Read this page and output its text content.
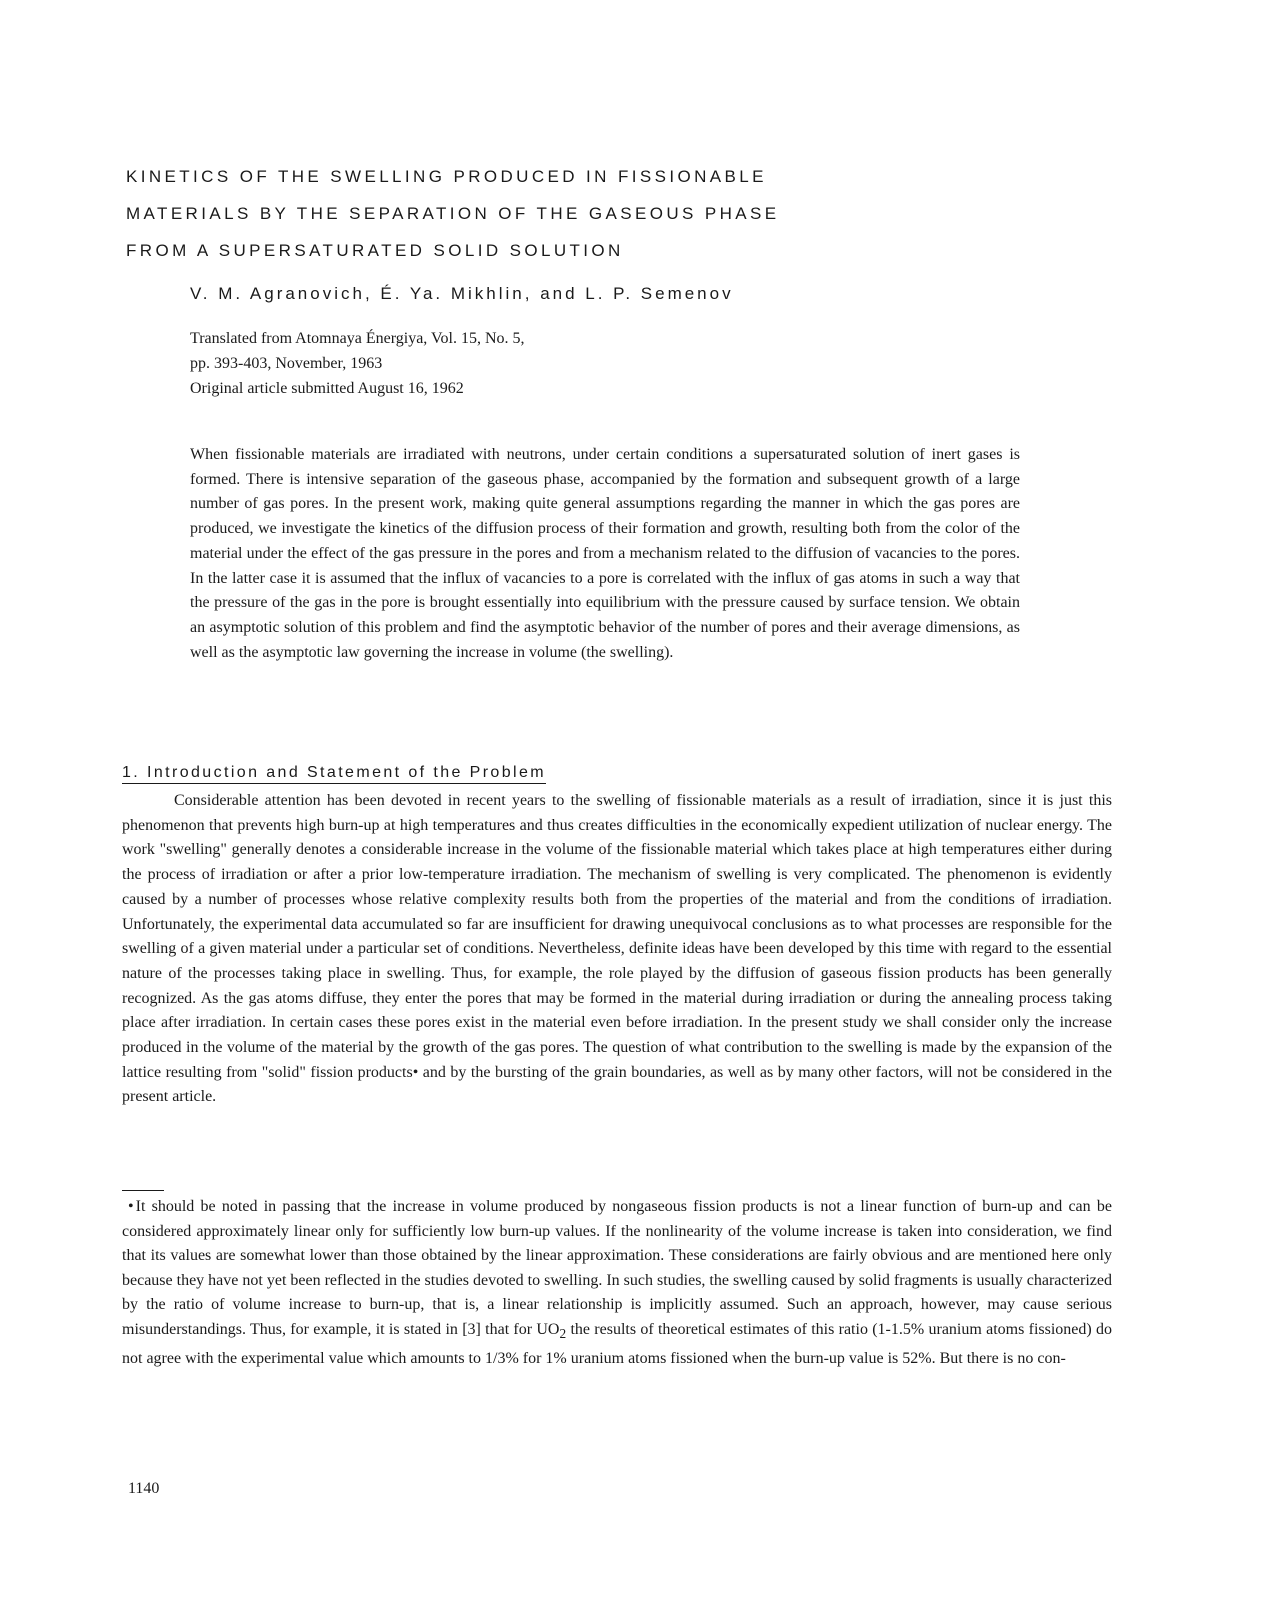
KINETICS OF THE SWELLING PRODUCED IN FISSIONABLE
MATERIALS BY THE SEPARATION OF THE GASEOUS PHASE
FROM A SUPERSATURATED SOLID SOLUTION
V. M. Agranovich, É. Ya. Mikhlin, and L. P. Semenov
Translated from Atomnaya Énergiya, Vol. 15, No. 5,
pp. 393-403, November, 1963
Original article submitted August 16, 1962

When fissionable materials are irradiated with neutrons, under certain conditions a supersaturated solution of inert gases is formed. There is intensive separation of the gaseous phase, accompanied by the formation and subsequent growth of a large number of gas pores. In the present work, making quite general assumptions regarding the manner in which the gas pores are produced, we investigate the kinetics of the diffusion process of their formation and growth, resulting both from the color of the material under the effect of the gas pressure in the pores and from a mechanism related to the diffusion of vacancies to the pores. In the latter case it is assumed that the influx of vacancies to a pore is correlated with the influx of gas atoms in such a way that the pressure of the gas in the pore is brought essentially into equilibrium with the pressure caused by surface tension. We obtain an asymptotic solution of this problem and find the asymptotic behavior of the number of pores and their average dimensions, as well as the asymptotic law governing the increase in volume (the swelling).

1. Introduction and Statement of the Problem

Considerable attention has been devoted in recent years to the swelling of fissionable materials as a result of irradiation, since it is just this phenomenon that prevents high burn-up at high temperatures and thus creates difficulties in the economically expedient utilization of nuclear energy. The work "swelling" generally denotes a considerable increase in the volume of the fissionable material which takes place at high temperatures either during the process of irradiation or after a prior low-temperature irradiation. The mechanism of swelling is very complicated. The phenomenon is evidently caused by a number of processes whose relative complexity results both from the properties of the material and from the conditions of irradiation. Unfortunately, the experimental data accumulated so far are insufficient for drawing unequivocal conclusions as to what processes are responsible for the swelling of a given material under a particular set of conditions. Nevertheless, definite ideas have been developed by this time with regard to the essential nature of the processes taking place in swelling. Thus, for example, the role played by the diffusion of gaseous fission products has been generally recognized. As the gas atoms diffuse, they enter the pores that may be formed in the material during irradiation or during the annealing process taking place after irradiation. In certain cases these pores exist in the material even before irradiation. In the present study we shall consider only the increase produced in the volume of the material by the growth of the gas pores. The question of what contribution to the swelling is made by the expansion of the lattice resulting from "solid" fission products• and by the bursting of the grain boundaries, as well as by many other factors, will not be considered in the present article.

• It should be noted in passing that the increase in volume produced by nongaseous fission products is not a linear function of burn-up and can be considered approximately linear only for sufficiently low burn-up values. If the nonlinearity of the volume increase is taken into consideration, we find that its values are somewhat lower than those obtained by the linear approximation. These considerations are fairly obvious and are mentioned here only because they have not yet been reflected in the studies devoted to swelling. In such studies, the swelling caused by solid fragments is usually characterized by the ratio of volume increase to burn-up, that is, a linear relationship is implicitly assumed. Such an approach, however, may cause serious misunderstandings. Thus, for example, it is stated in [3] that for $UO_2$ the results of theoretical estimates of this ratio (1-1.5% uranium atoms fissioned) do not agree with the experimental value which amounts to 1/3% for 1% uranium atoms fissioned when the burn-up value is 52%. But there is no con-

1140
